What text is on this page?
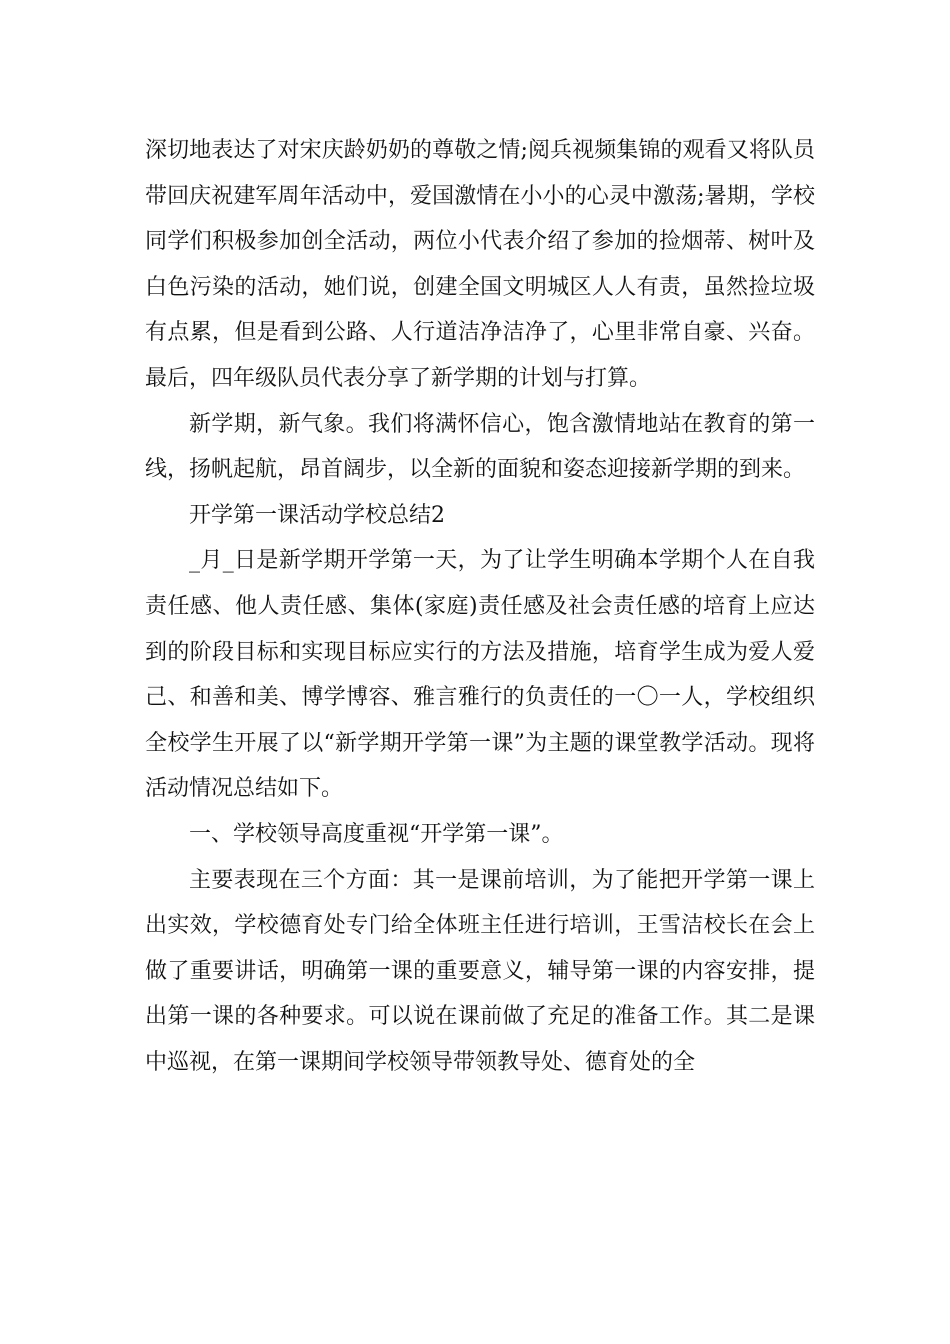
深切地表达了对宋庆龄奶奶的尊敬之情;阅兵视频集锦的观看又将队员带回庆祝建军周年活动中，爱国激情在小小的心灵中激荡;暑期，学校同学们积极参加创全活动，两位小代表介绍了参加的捡烟蒂、树叶及白色污染的活动，她们说，创建全国文明城区人人有责，虽然捡垃圾有点累，但是看到公路、人行道洁净洁净了，心里非常自豪、兴奋。最后，四年级队员代表分享了新学期的计划与打算。

新学期，新气象。我们将满怀信心，饱含激情地站在教育的第一线，扬帆起航，昂首阔步，以全新的面貌和姿态迎接新学期的到来。

开学第一课活动学校总结2

_月_日是新学期开学第一天，为了让学生明确本学期个人在自我责任感、他人责任感、集体(家庭)责任感及社会责任感的培育上应达到的阶段目标和实现目标应实行的方法及措施，培育学生成为爱人爱己、和善和美、博学博容、雅言雅行的负责任的一〇一人，学校组织全校学生开展了以“新学期开学第一课”为主题的课堂教学活动。现将活动情况总结如下。

一、学校领导高度重视“开学第一课”。

主要表现在三个方面：其一是课前培训，为了能把开学第一课上出实效，学校德育处专门给全体班主任进行培训，王雪洁校长在会上做了重要讲话，明确第一课的重要意义，辅导第一课的内容安排，提出第一课的各种要求。可以说在课前做了充足的准备工作。其二是课中巡视，在第一课期间学校领导带领教导处、德育处的全
